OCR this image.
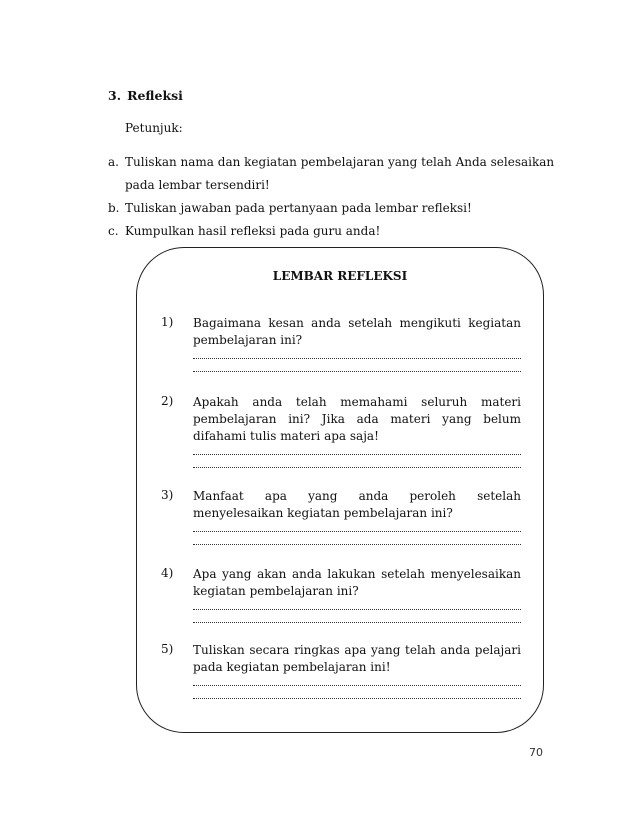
3. Refleksi
Petunjuk:
a. Tuliskan nama dan kegiatan pembelajaran yang telah Anda selesaikan pada lembar tersendiri!
b. Tuliskan jawaban pada pertanyaan pada lembar refleksi!
c. Kumpulkan hasil refleksi pada guru anda!
LEMBAR REFLEKSI
1) Bagaimana kesan anda setelah mengikuti kegiatan pembelajaran ini?
2) Apakah anda telah memahami seluruh materi pembelajaran ini? Jika ada materi yang belum difahami tulis materi apa saja!
3) Manfaat apa yang anda peroleh setelah menyelesaikan kegiatan pembelajaran ini?
4) Apa yang akan anda lakukan setelah menyelesaikan kegiatan pembelajaran ini?
5) Tuliskan secara ringkas apa yang telah anda pelajari pada kegiatan pembelajaran ini!
70
